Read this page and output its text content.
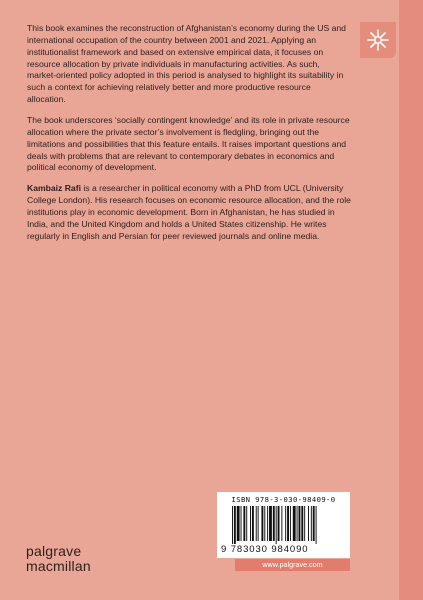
This book examines the reconstruction of Afghanistan’s economy during the US and international occupation of the country between 2001 and 2021. Applying an institutionalist framework and based on extensive empirical data, it focuses on resource allocation by private individuals in manufacturing activities. As such, market-oriented policy adopted in this period is analysed to highlight its suitability in such a context for achieving relatively better and more productive resource allocation.

The book underscores ‘socially contingent knowledge’ and its role in private resource allocation where the private sector’s involvement is fledgling, bringing out the limitations and possibilities that this feature entails. It raises important questions and deals with problems that are relevant to contemporary debates in economics and political economy of development.

Kambaiz Rafi is a researcher in political economy with a PhD from UCL (University College London). His research focuses on economic resource allocation, and the role institutions play in economic development. Born in Afghanistan, he has studied in India, and the United Kingdom and holds a United States citizenship. He writes regularly in English and Persian for peer reviewed journals and online media.

ISBN 978-3-030-98409-0
9 783030 984090
www.palgrave.com
palgrave
macmillan
